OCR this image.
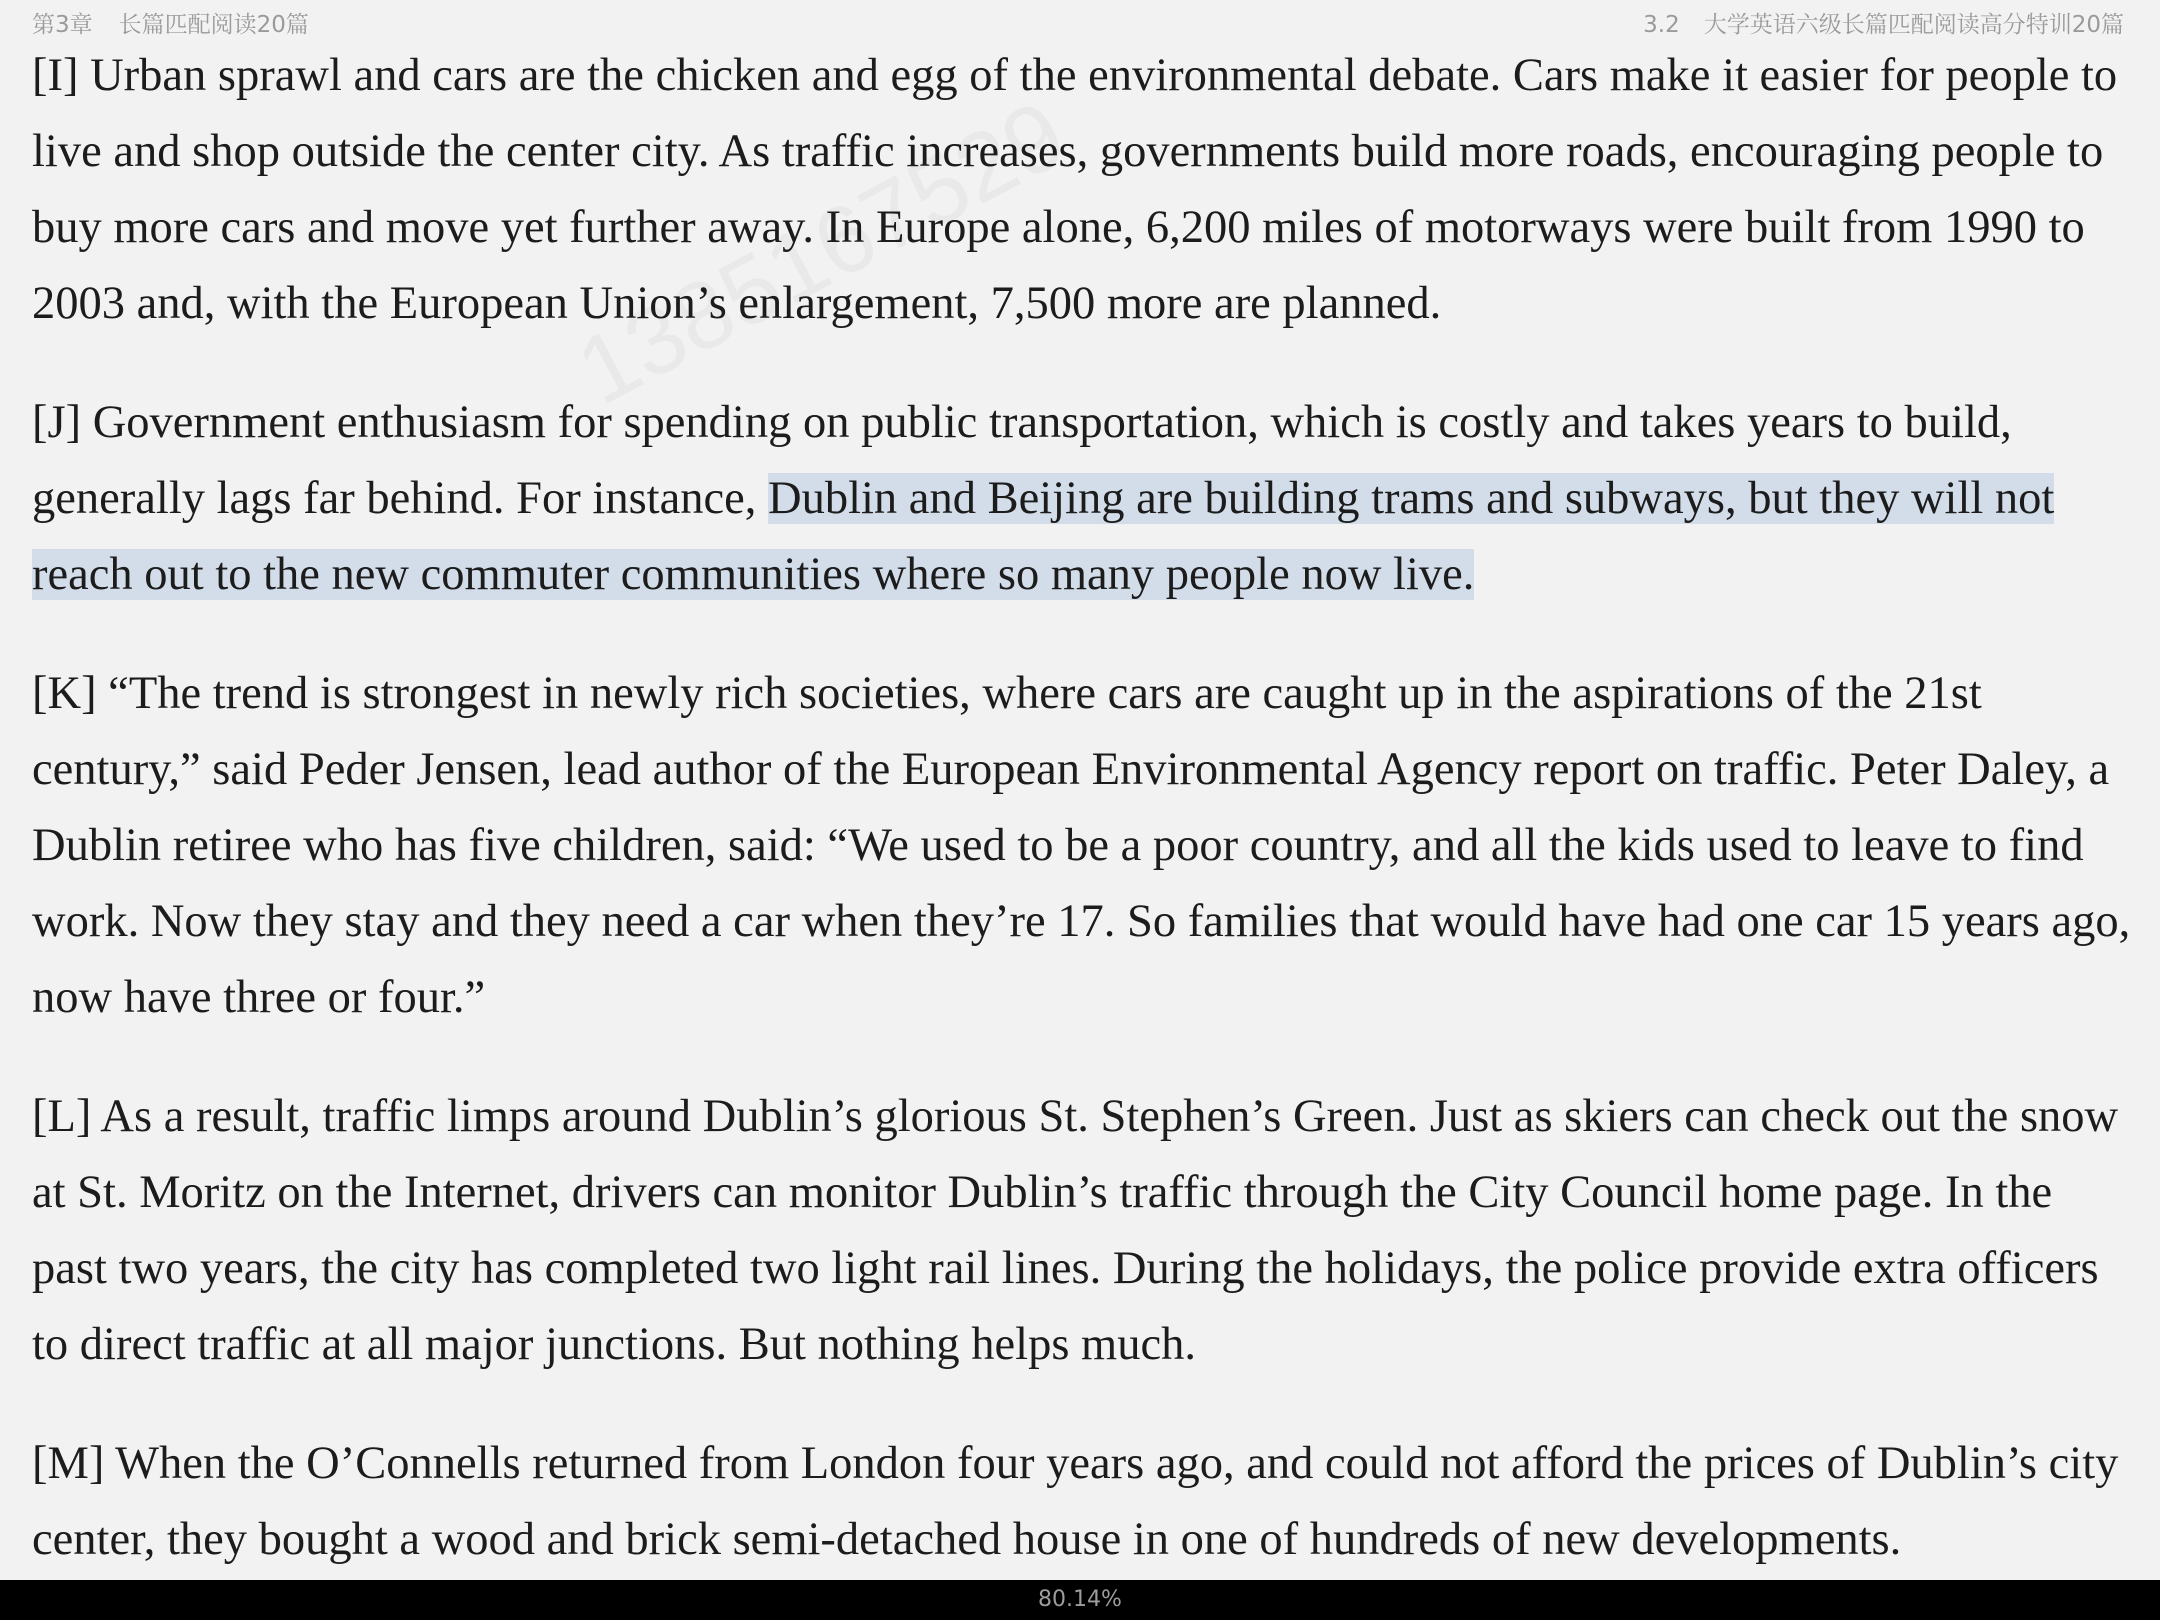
第3章 长篇匹配阅读20篇	3.2 大学英语六级长篇匹配阅读高分特训20篇

[I] Urban sprawl and cars are the chicken and egg of the environmental debate. Cars make it easier for people to live and shop outside the center city. As traffic increases, governments build more roads, encouraging people to buy more cars and move yet further away. In Europe alone, 6,200 miles of motorways were built from 1990 to 2003 and, with the European Union’s enlargement, 7,500 more are planned.

[J] Government enthusiasm for spending on public transportation, which is costly and takes years to build, generally lags far behind. For instance, Dublin and Beijing are building trams and subways, but they will not reach out to the new commuter communities where so many people now live.

[K] “The trend is strongest in newly rich societies, where cars are caught up in the aspirations of the 21st century,” said Peder Jensen, lead author of the European Environmental Agency report on traffic. Peter Daley, a Dublin retiree who has five children, said: “We used to be a poor country, and all the kids used to leave to find work. Now they stay and they need a car when they’re 17. So families that would have had one car 15 years ago, now have three or four.”

[L] As a result, traffic limps around Dublin’s glorious St. Stephen’s Green. Just as skiers can check out the snow at St. Moritz on the Internet, drivers can monitor Dublin’s traffic through the City Council home page. In the past two years, the city has completed two light rail lines. During the holidays, the police provide extra officers to direct traffic at all major junctions. But nothing helps much.

[M] When the O’Connells returned from London four years ago, and could not afford the prices of Dublin’s city center, they bought a wood and brick semi-detached house in one of hundreds of new developments.

80.14%
